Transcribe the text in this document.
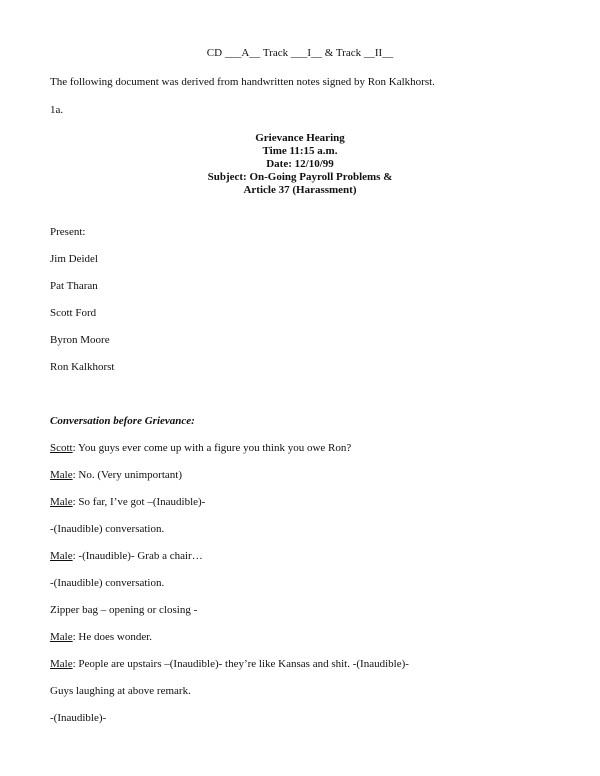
CD ___A__ Track ___I__ & Track __II__
The following document was derived from handwritten notes signed by Ron Kalkhorst.
1a.
Grievance Hearing
Time 11:15 a.m.
Date: 12/10/99
Subject: On-Going Payroll Problems &
Article 37 (Harassment)
Present:
Jim Deidel
Pat Tharan
Scott Ford
Byron Moore
Ron Kalkhorst
Conversation before Grievance:
Scott: You guys ever come up with a figure you think you owe Ron?
Male: No. (Very unimportant)
Male: So far, I’ve got –(Inaudible)-
-(Inaudible) conversation.
Male: -(Inaudible)- Grab a chair…
-(Inaudible) conversation.
Zipper bag – opening or closing -
Male: He does wonder.
Male: People are upstairs –(Inaudible)- they’re like Kansas and shit. -(Inaudible)-
Guys laughing at above remark.
-(Inaudible)-
